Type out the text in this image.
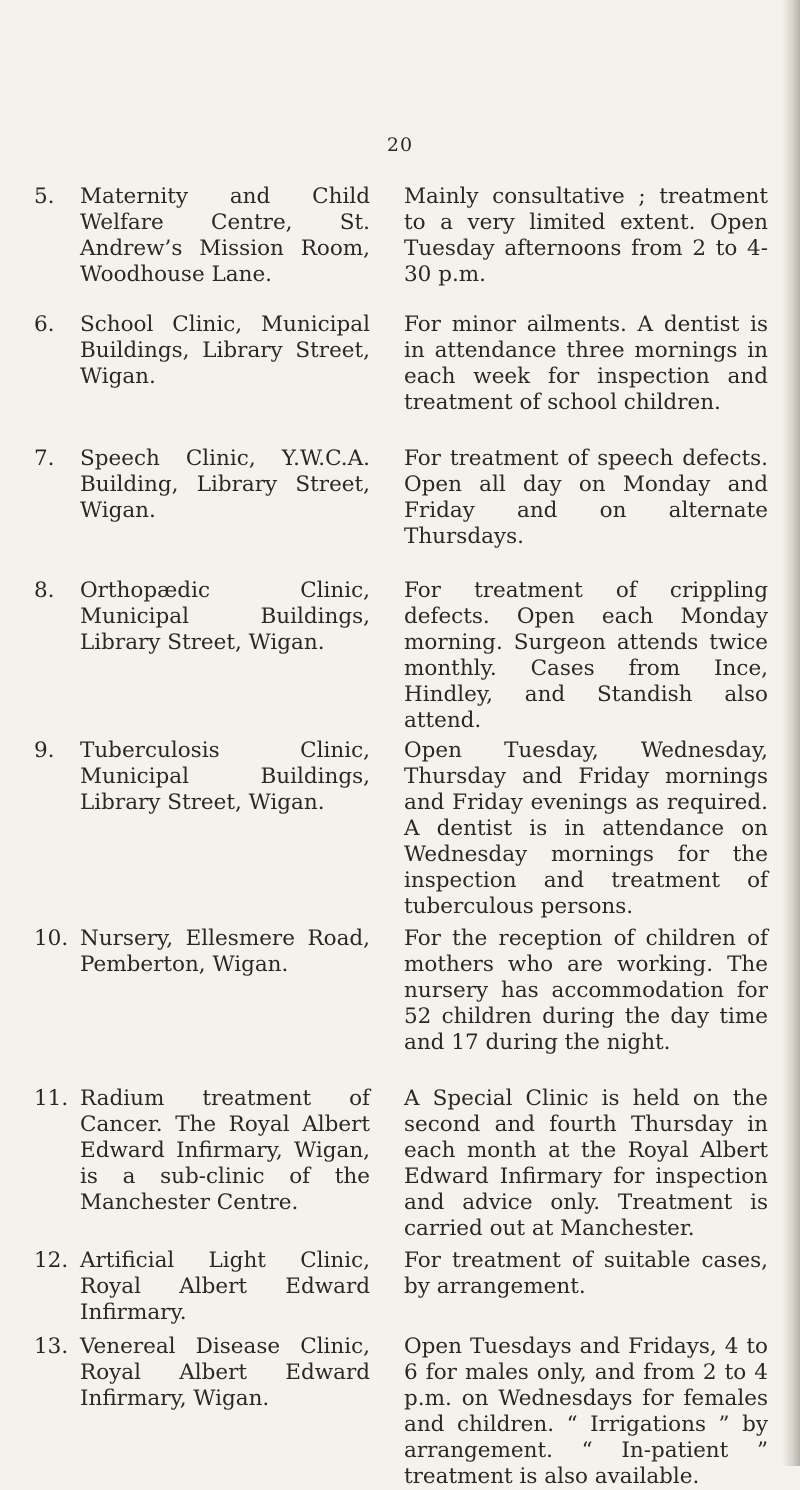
20
5.	Maternity and Child Welfare Centre, St. Andrew’s Mission Room, Woodhouse Lane.
Mainly consultative ; treatment to a very limited extent. Open Tuesday afternoons from 2 to 4-30 p.m.
6.	School Clinic, Municipal Buildings, Library Street, Wigan.
For minor ailments. A dentist is in attendance three mornings in each week for inspection and treatment of school children.
7.	Speech Clinic, Y.W.C.A. Building, Library Street, Wigan.
For treatment of speech defects. Open all day on Monday and Friday and on alternate Thursdays.
8.	Orthopædic Clinic, Municipal Buildings, Library Street, Wigan.
For treatment of crippling defects. Open each Monday morning. Surgeon attends twice monthly. Cases from Ince, Hindley, and Standish also attend.
9.	Tuberculosis Clinic, Municipal Buildings, Library Street, Wigan.
Open Tuesday, Wednesday, Thursday and Friday mornings and Friday evenings as required. A dentist is in attendance on Wednesday mornings for the inspection and treatment of tuberculous persons.
10. Nursery, Ellesmere Road, Pemberton, Wigan.
For the reception of children of mothers who are working. The nursery has accommodation for 52 children during the day time and 17 during the night.
11. Radium treatment of Cancer. The Royal Albert Edward Infirmary, Wigan, is a sub-clinic of the Manchester Centre.
A Special Clinic is held on the second and fourth Thursday in each month at the Royal Albert Edward Infirmary for inspection and advice only. Treatment is carried out at Manchester.
12. Artificial Light Clinic, Royal Albert Edward Infirmary.
For treatment of suitable cases, by arrangement.
13. Venereal Disease Clinic, Royal Albert Edward Infirmary, Wigan.
Open Tuesdays and Fridays, 4 to 6 for males only, and from 2 to 4 p.m. on Wednesdays for females and children. “ Irrigations ” by arrangement. “ In-patient ” treatment is also available.
